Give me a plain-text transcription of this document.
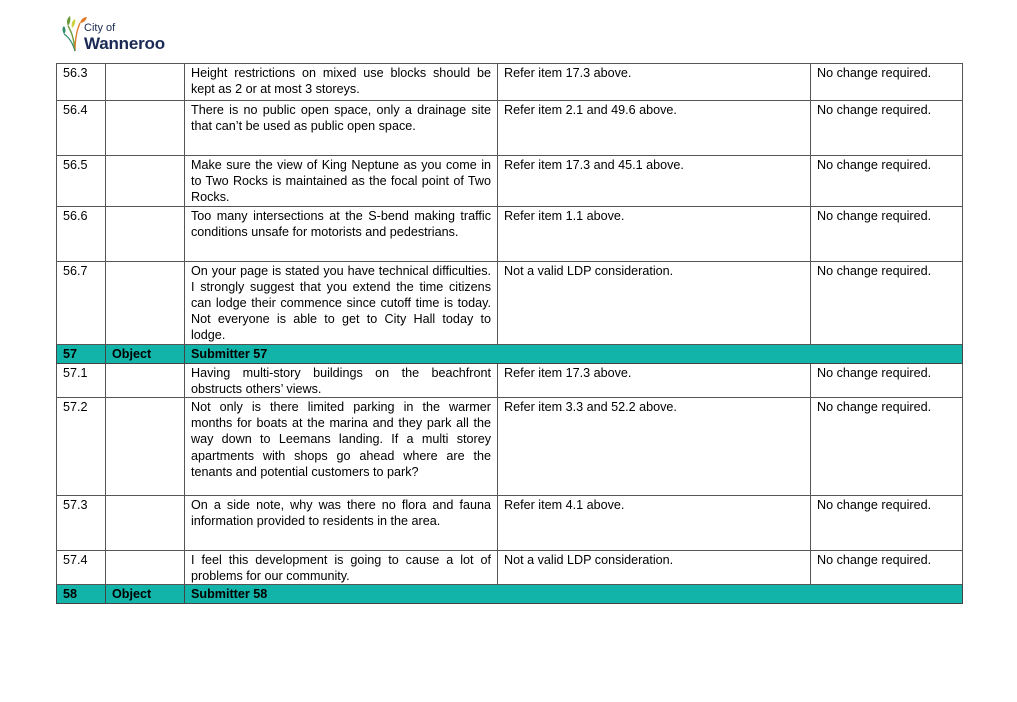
City of
Wanneroo
56.3		Height restrictions on mixed use blocks should be kept as 2 or at most 3 storeys.	Refer item 17.3 above.	No change required.
56.4		There is no public open space, only a drainage site that can’t be used as public open space.	Refer item 2.1 and 49.6 above.	No change required.
56.5		Make sure the view of King Neptune as you come in to Two Rocks is maintained as the focal point of Two Rocks.	Refer item 17.3 and 45.1 above.	No change required.
56.6		Too many intersections at the S-bend making traffic conditions unsafe for motorists and pedestrians.	Refer item 1.1 above.	No change required.
56.7		On your page is stated you have technical difficulties. I strongly suggest that you extend the time citizens can lodge their commence since cutoff time is today. Not everyone is able to get to City Hall today to lodge.	Not a valid LDP consideration.	No change required.
57	Object	Submitter 57		
57.1		Having multi-story buildings on the beachfront obstructs others’ views.	Refer item 17.3 above.	No change required.
57.2		Not only is there limited parking in the warmer months for boats at the marina and they park all the way down to Leemans landing. If a multi storey apartments with shops go ahead where are the tenants and potential customers to park?	Refer item 3.3 and 52.2 above.	No change required.
57.3		On a side note, why was there no flora and fauna information provided to residents in the area.	Refer item 4.1 above.	No change required.
57.4		I feel this development is going to cause a lot of problems for our community.	Not a valid LDP consideration.	No change required.
58	Object	Submitter 58		
